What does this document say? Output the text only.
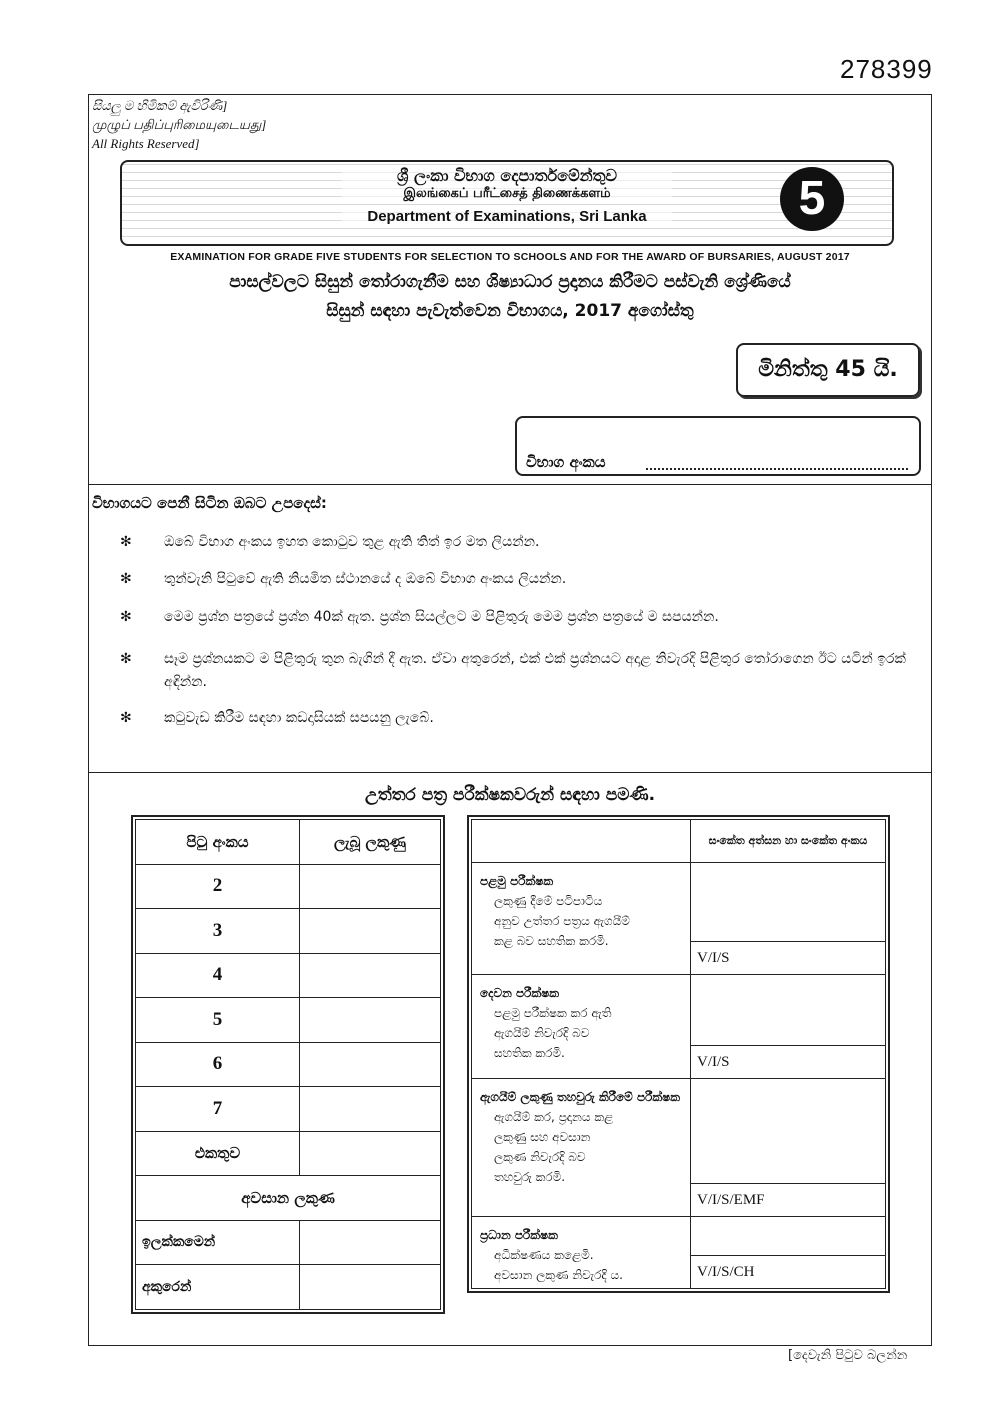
278399
සියලු ම හිමිකම් ඇවිරිණි]
முழுப் பதிப்புரிமையுடையது]
All Rights Reserved]
ශ්‍රී ලංකා විභාග දෙපාර්තමේන්තුව
இலங்கைப் பரீட்சைத் திணைக்களம்
Department of Examinations, Sri Lanka	5
EXAMINATION FOR GRADE FIVE STUDENTS FOR SELECTION TO SCHOOLS AND FOR THE AWARD OF BURSARIES, AUGUST 2017
පාසල්වලට සිසුන් තෝරාගැනීම සහ ශිෂ්‍යාධාර ප්‍රදානය කිරීමට පස්වැනි ශ්‍රේණියේ
සිසුන් සඳහා පැවැත්වෙන විභාගය, 2017 අගෝස්තු
මිනිත්තු 45 යි.
විභාග අංකය
විභාගයට පෙනී සිටින ඔබට උපදෙස්:
✻ ඔබේ විභාග අංකය ඉහත කොටුව තුළ ඇති තිත් ඉර මත ලියන්න.
✻ තුන්වැනි පිටුවේ ඇති නියමිත ස්ථානයේ ද ඔබේ විභාග අංකය ලියන්න.
✻ මෙම ප්‍රශ්න පත්‍රයේ ප්‍රශ්න 40ක් ඇත. ප්‍රශ්න සියල්ලට ම පිළිතුරු මෙම ප්‍රශ්න පත්‍රයේ ම සපයන්න.
✻ සෑම ප්‍රශ්නයකට ම පිළිතුරු තුන බැගින් දී ඇත. ඒවා අතුරෙන්, එක් එක් ප්‍රශ්නයට අදාළ නිවැරදි පිළිතුර තෝරාගෙන ඊට යටින් ඉරක් අඳින්න.
✻ කටුවැඩ කිරීම සඳහා කඩදාසියක් සපයනු ලැබේ.
උත්තර පත්‍ර පරීක්ෂකවරුන් සඳහා පමණි.
පිටු අංකය	ලැබූ ලකුණු
2	
3	
4	
5	
6	
7	
එකතුව	
අවසාන ලකුණ	
ඉලක්කමෙන්	
අකුරෙන්	
	සංකේත අත්සන හා සංකේත අංකය

පළමු පරීක්ෂක
ලකුණු දීමේ පටිපාටිය
අනුව උත්තර පත්‍රය ඇගයීම්
කළ බව සහතික කරමි.	

	V/I/S

දෙවන පරීක්ෂක
පළමු පරීක්ෂක කර ඇති
ඇගයීම් නිවැරදි බව
සහතික කරමි.	

	V/I/S

ඇගයීම් ලකුණු තහවුරු කිරීමේ පරීක්ෂක
ඇගයීම් කර, ප්‍රදානය කළ
ලකුණු සහ අවසාන
ලකුණ නිවැරදි බව
තහවුරු කරමි.	

	V/I/S/EMF

ප්‍රධාන පරීක්ෂක
අධීක්ෂණය කළෙමි.
අවසාන ලකුණ නිවැරදි ය.	

	V/I/S/CH
[දෙවැනි පිටුව බලන්න
